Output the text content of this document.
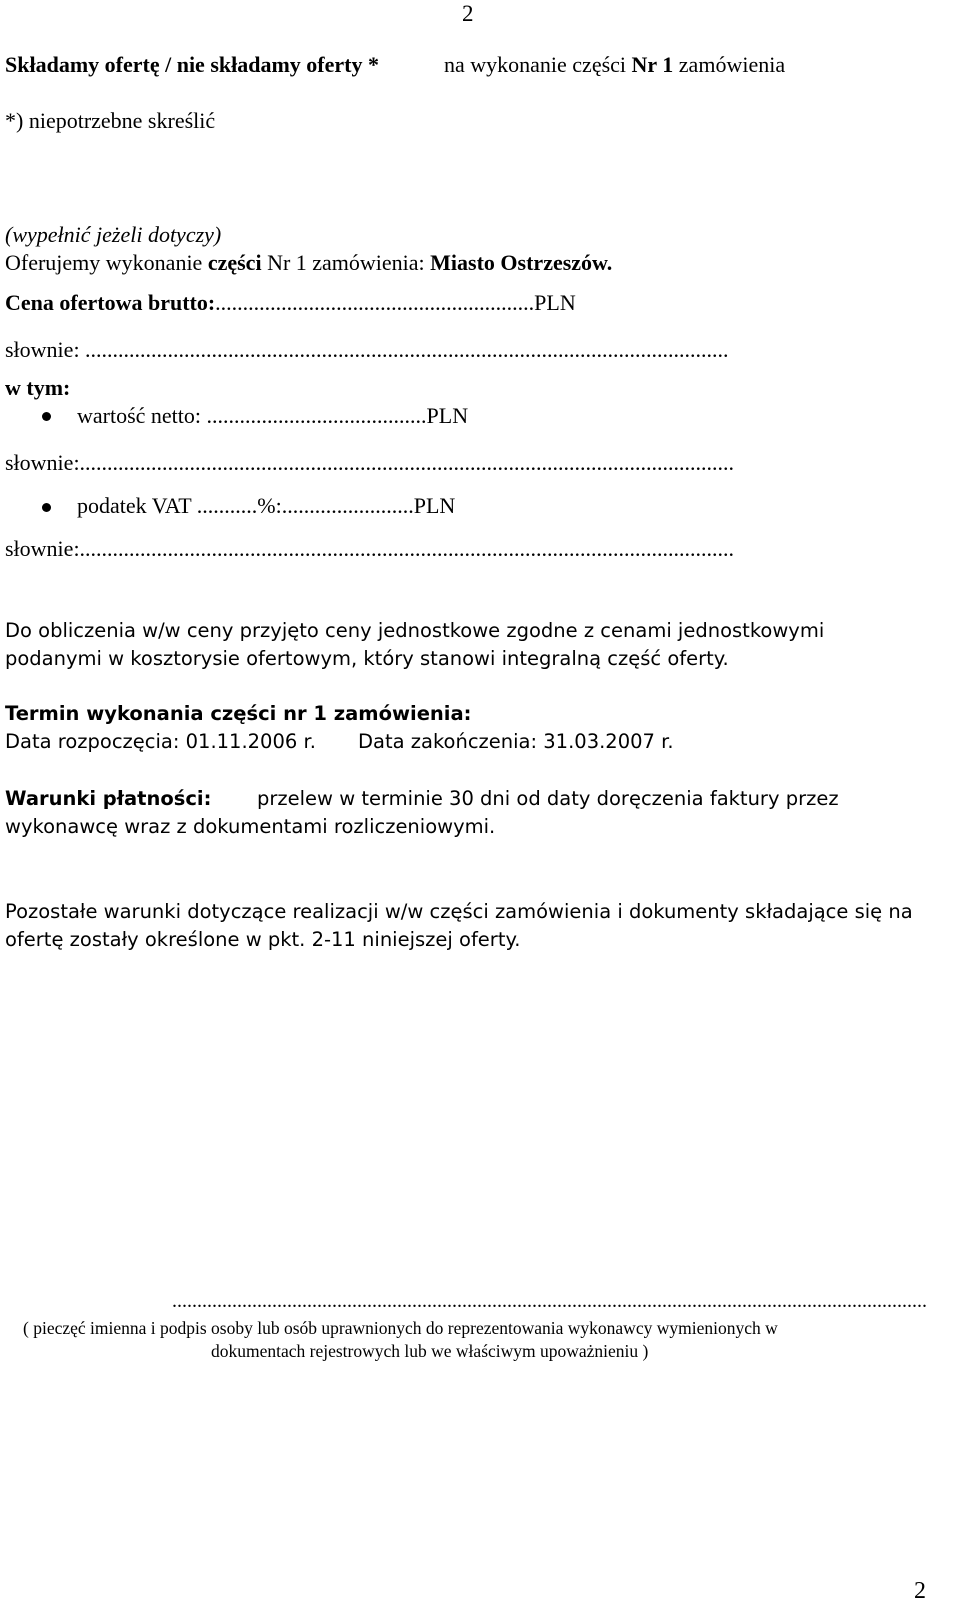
2
Składamy ofertę / nie składamy oferty *	na wykonanie części Nr 1 zamówienia
*) niepotrzebne skreślić
(wypełnić jeżeli dotyczy)
Oferujemy wykonanie części Nr 1 zamówienia: Miasto Ostrzeszów.
Cena ofertowa brutto:..........................................................PLN
słownie: .....................................................................................................................
w tym:
wartość netto: ........................................PLN
słownie:.......................................................................................................................
podatek VAT ...........%:........................PLN
słownie:.......................................................................................................................
Do obliczenia w/w ceny przyjęto ceny jednostkowe zgodne z cenami jednostkowymi
podanymi w kosztorysie ofertowym, który stanowi integralną część oferty.
Termin wykonania części nr 1 zamówienia:
Data rozpoczęcia: 01.11.2006 r. Data zakończenia: 31.03.2007 r.
Warunki płatności: przelew w terminie 30 dni od daty doręczenia faktury przez
wykonawcę wraz z dokumentami rozliczeniowymi.
Pozostałe warunki dotyczące realizacji w/w części zamówienia i dokumenty składające się na
ofertę zostały określone w pkt. 2-11 niniejszej oferty.
.......................................................................................................................................................
( pieczęć imienna i podpis osoby lub osób uprawnionych do reprezentowania wykonawcy wymienionych w
dokumentach rejestrowych lub we właściwym upoważnieniu )
2
